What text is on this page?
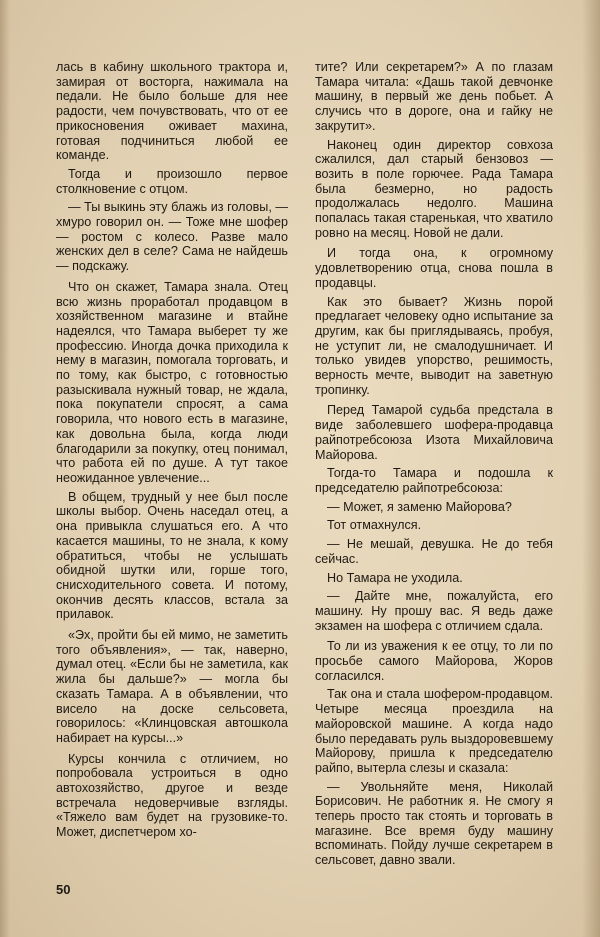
лась в кабину школьного трактора и, замирая от восторга, нажимала на педали. Не было больше для нее радости, чем почувствовать, что от ее прикосновения оживает махина, готовая подчиниться любой ее команде.

Тогда и произошло первое столкновение с отцом.

— Ты выкинь эту блажь из головы, — хмуро говорил он. — Тоже мне шофер — ростом с колесо. Разве мало женских дел в селе? Сама не найдешь — подскажу.

Что он скажет, Тамара знала. Отец всю жизнь проработал продавцом в хозяйственном магазине и втайне надеялся, что Тамара выберет ту же профессию. Иногда дочка приходила к нему в магазин, помогала торговать, и по тому, как быстро, с готовностью разыскивала нужный товар, не ждала, пока покупатели спросят, а сама говорила, что нового есть в магазине, как довольна была, когда люди благодарили за покупку, отец понимал, что работа ей по душе. А тут такое неожиданное увлечение...

В общем, трудный у нее был после школы выбор. Очень наседал отец, а она привыкла слушаться его. А что касается машины, то не знала, к кому обратиться, чтобы не услышать обидной шутки или, горше того, снисходительного совета. И потому, окончив десять классов, встала за прилавок.

«Эх, пройти бы ей мимо, не заметить того объявления», — так, наверно, думал отец. «Если бы не заметила, как жила бы дальше?» — могла бы сказать Тамара. А в объявлении, что висело на доске сельсовета, говорилось: «Клинцовская автошкола набирает на курсы...»

Курсы кончила с отличием, но попробовала устроиться в одно автохозяйство, другое и везде встречала недоверчивые взгляды. «Тяжело вам будет на грузовике-то. Может, диспетчером хо-

тите? Или секретарем?» А по глазам Тамара читала: «Дашь такой девчонке машину, в первый же день побьет. А случись что в дороге, она и гайку не закрутит».

Наконец один директор совхоза сжалился, дал старый бензовоз — возить в поле горючее. Рада Тамара была безмерно, но радость продолжалась недолго. Машина попалась такая старенькая, что хватило ровно на месяц. Новой не дали.

И тогда она, к огромному удовлетворению отца, снова пошла в продавцы.

Как это бывает? Жизнь порой предлагает человеку одно испытание за другим, как бы приглядываясь, пробуя, не уступит ли, не смалодушничает. И только увидев упорство, решимость, верность мечте, выводит на заветную тропинку.

Перед Тамарой судьба предстала в виде заболевшего шофера-продавца райпотребсоюза Изота Михайловича Майорова.

Тогда-то Тамара и подошла к председателю райпотребсоюза:

— Может, я заменю Майорова?

Тот отмахнулся.

— Не мешай, девушка. Не до тебя сейчас.

Но Тамара не уходила.

— Дайте мне, пожалуйста, его машину. Ну прошу вас. Я ведь даже экзамен на шофера с отличием сдала.

То ли из уважения к ее отцу, то ли по просьбе самого Майорова, Жоров согласился.

Так она и стала шофером-продавцом. Четыре месяца проездила на майоровской машине. А когда надо было передавать руль выздоровевшему Майорову, пришла к председателю райпо, вытерла слезы и сказала:

— Увольняйте меня, Николай Борисович. Не работник я. Не смогу я теперь просто так стоять и торговать в магазине. Все время буду машину вспоминать. Пойду лучше секретарем в сельсовет, давно звали.

50
